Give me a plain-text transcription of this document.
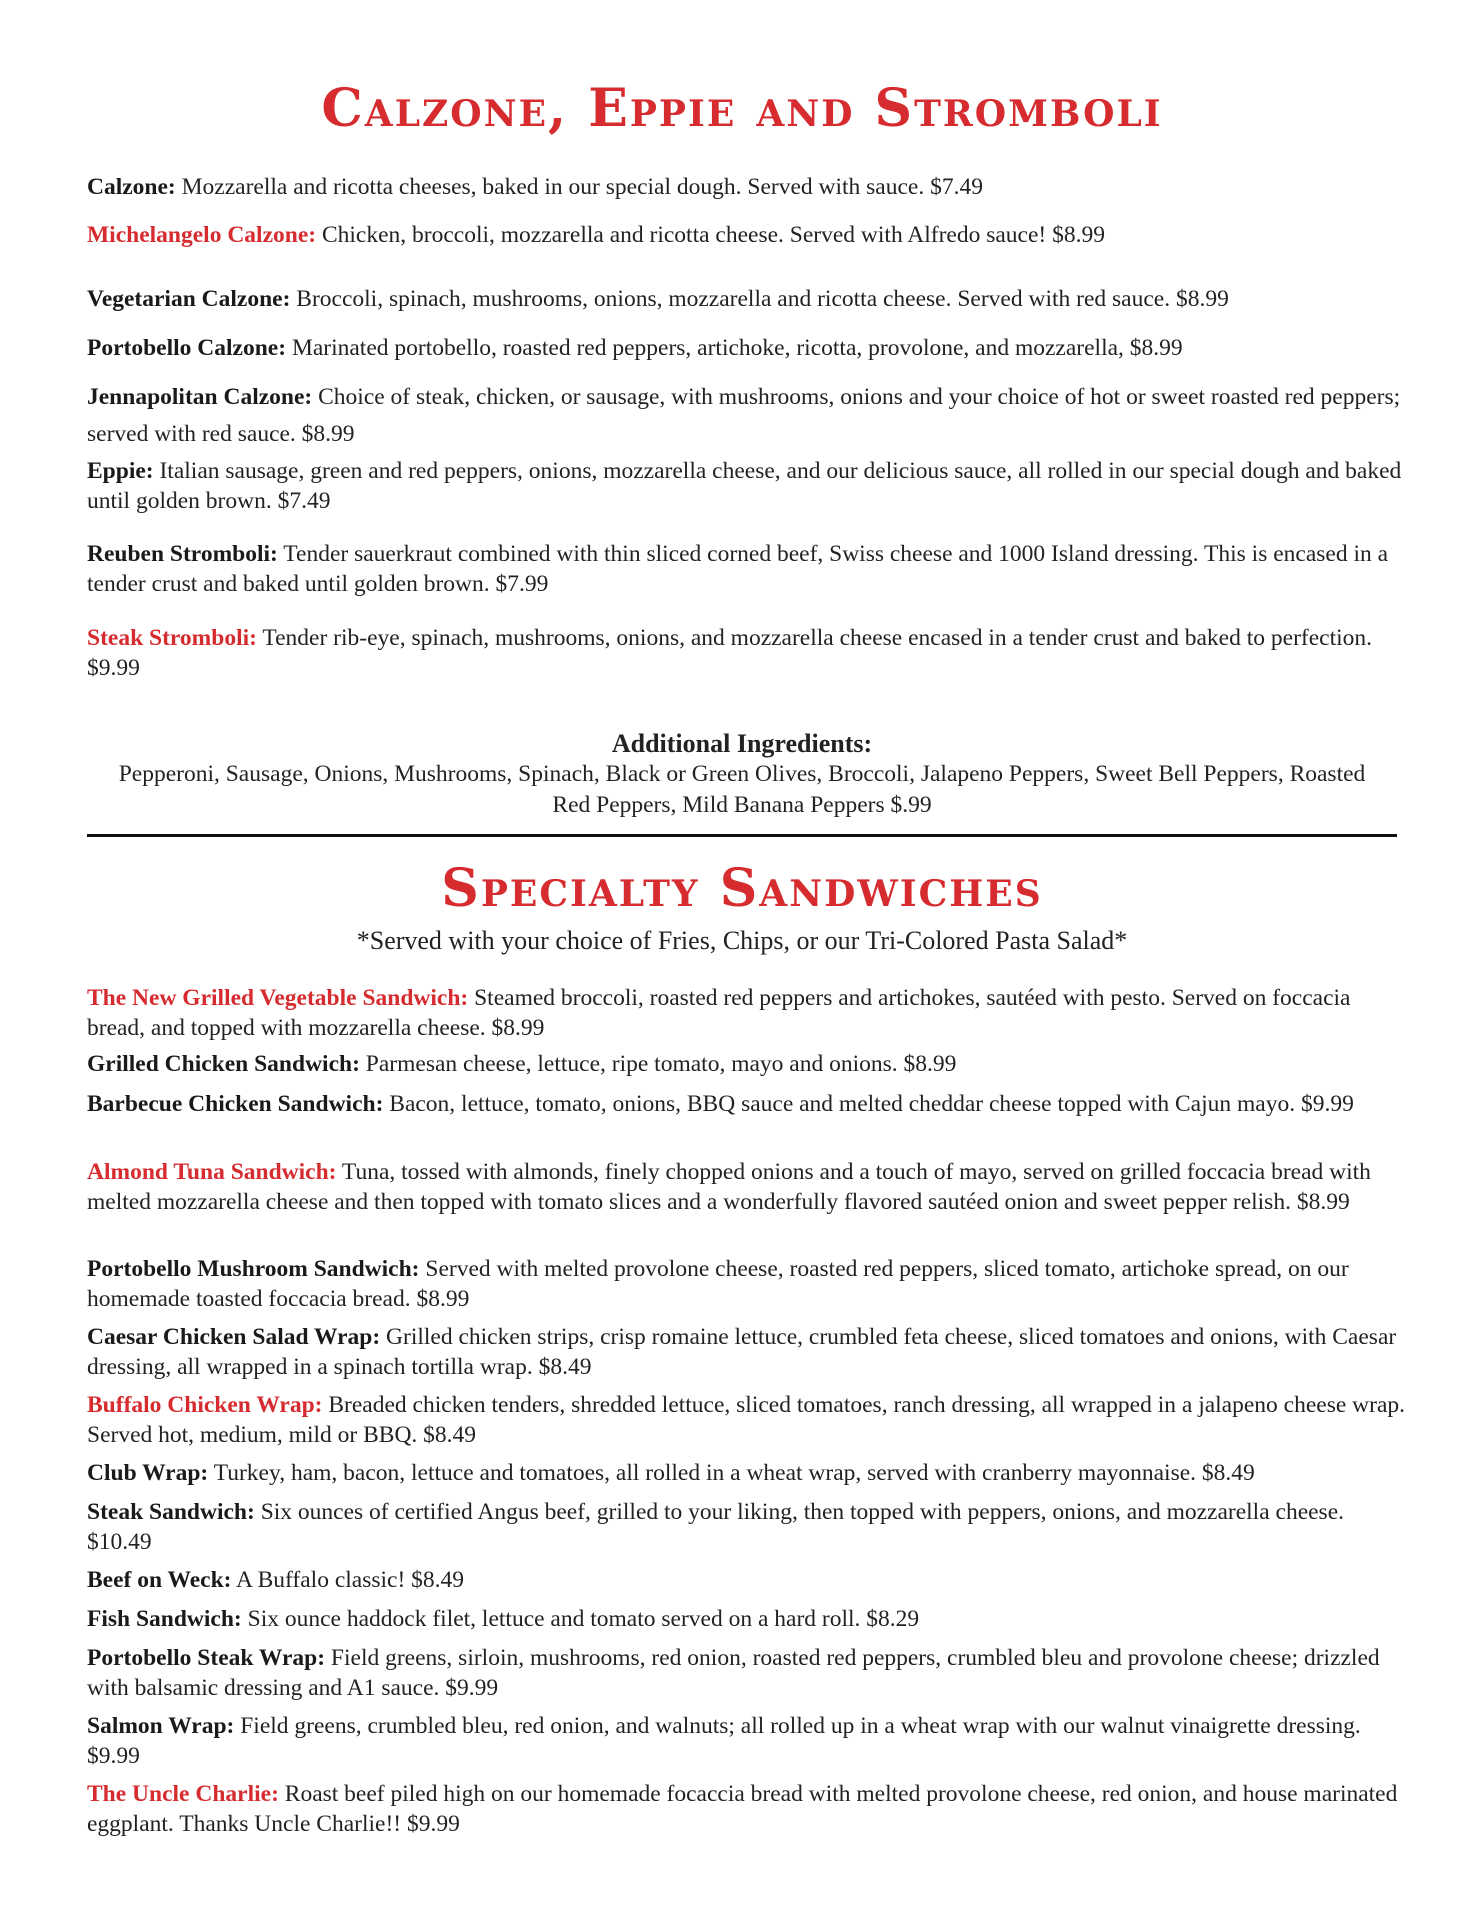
Calzone, Eppie and Stromboli
Calzone: Mozzarella and ricotta cheeses, baked in our special dough. Served with sauce. $7.49
Michelangelo Calzone: Chicken, broccoli, mozzarella and ricotta cheese. Served with Alfredo sauce! $8.99
Vegetarian Calzone: Broccoli, spinach, mushrooms, onions, mozzarella and ricotta cheese. Served with red sauce. $8.99
Portobello Calzone: Marinated portobello, roasted red peppers, artichoke, ricotta, provolone, and mozzarella, $8.99
Jennapolitan Calzone: Choice of steak, chicken, or sausage, with mushrooms, onions and your choice of hot or sweet roasted red peppers; served with red sauce. $8.99
Eppie: Italian sausage, green and red peppers, onions, mozzarella cheese, and our delicious sauce, all rolled in our special dough and baked until golden brown. $7.49
Reuben Stromboli: Tender sauerkraut combined with thin sliced corned beef, Swiss cheese and 1000 Island dressing. This is encased in a tender crust and baked until golden brown. $7.99
Steak Stromboli: Tender rib-eye, spinach, mushrooms, onions, and mozzarella cheese encased in a tender crust and baked to perfection. $9.99
Additional Ingredients:
Pepperoni, Sausage, Onions, Mushrooms, Spinach, Black or Green Olives, Broccoli, Jalapeno Peppers, Sweet Bell Peppers, Roasted Red Peppers, Mild Banana Peppers $.99
Specialty Sandwiches
*Served with your choice of Fries, Chips, or our Tri-Colored Pasta Salad*
The New Grilled Vegetable Sandwich: Steamed broccoli, roasted red peppers and artichokes, sautéed with pesto. Served on foccacia bread, and topped with mozzarella cheese. $8.99
Grilled Chicken Sandwich: Parmesan cheese, lettuce, ripe tomato, mayo and onions. $8.99
Barbecue Chicken Sandwich: Bacon, lettuce, tomato, onions, BBQ sauce and melted cheddar cheese topped with Cajun mayo. $9.99
Almond Tuna Sandwich: Tuna, tossed with almonds, finely chopped onions and a touch of mayo, served on grilled foccacia bread with melted mozzarella cheese and then topped with tomato slices and a wonderfully flavored sautéed onion and sweet pepper relish. $8.99
Portobello Mushroom Sandwich: Served with melted provolone cheese, roasted red peppers, sliced tomato, artichoke spread, on our homemade toasted foccacia bread. $8.99
Caesar Chicken Salad Wrap: Grilled chicken strips, crisp romaine lettuce, crumbled feta cheese, sliced tomatoes and onions, with Caesar dressing, all wrapped in a spinach tortilla wrap. $8.49
Buffalo Chicken Wrap: Breaded chicken tenders, shredded lettuce, sliced tomatoes, ranch dressing, all wrapped in a jalapeno cheese wrap. Served hot, medium, mild or BBQ. $8.49
Club Wrap: Turkey, ham, bacon, lettuce and tomatoes, all rolled in a wheat wrap, served with cranberry mayonnaise. $8.49
Steak Sandwich: Six ounces of certified Angus beef, grilled to your liking, then topped with peppers, onions, and mozzarella cheese. $10.49
Beef on Weck: A Buffalo classic! $8.49
Fish Sandwich: Six ounce haddock filet, lettuce and tomato served on a hard roll. $8.29
Portobello Steak Wrap: Field greens, sirloin, mushrooms, red onion, roasted red peppers, crumbled bleu and provolone cheese; drizzled with balsamic dressing and A1 sauce. $9.99
Salmon Wrap: Field greens, crumbled bleu, red onion, and walnuts; all rolled up in a wheat wrap with our walnut vinaigrette dressing. $9.99
The Uncle Charlie: Roast beef piled high on our homemade focaccia bread with melted provolone cheese, red onion, and house marinated eggplant. Thanks Uncle Charlie!! $9.99
